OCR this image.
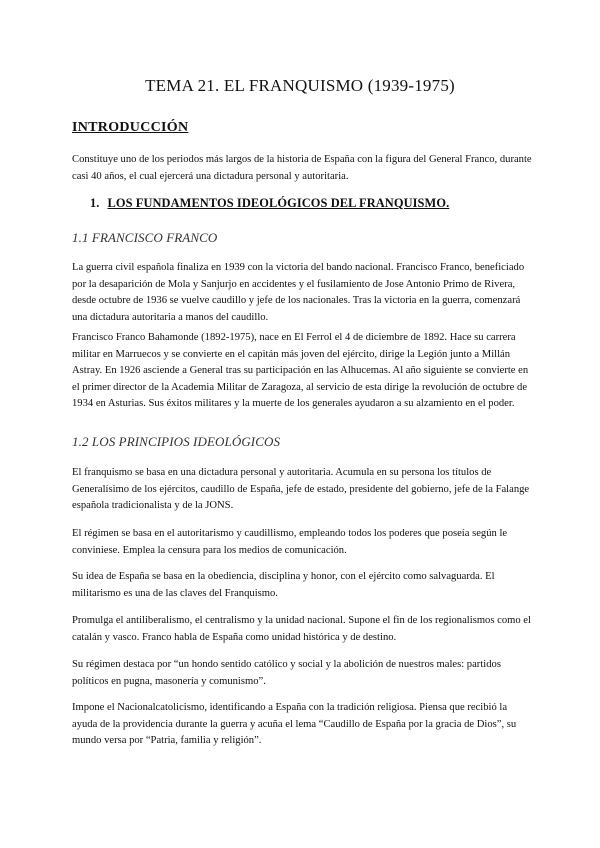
TEMA 21. EL FRANQUISMO (1939-1975)
INTRODUCCIÓN
Constituye uno de los periodos más largos de la historia de España con la figura del General Franco, durante casi 40 años, el cual ejercerá una dictadura personal y autoritaria.
1. LOS FUNDAMENTOS IDEOLÓGICOS DEL FRANQUISMO.
1.1 FRANCISCO FRANCO
La guerra civil española finaliza en 1939 con la victoria del bando nacional. Francisco Franco, beneficiado por la desaparición de Mola y Sanjurjo en accidentes y el fusilamiento de Jose Antonio Primo de Rivera, desde octubre de 1936 se vuelve caudillo y jefe de los nacionales. Tras la victoria en la guerra, comenzará una dictadura autoritaria a manos del caudillo.
Francisco Franco Bahamonde (1892-1975), nace en El Ferrol el 4 de diciembre de 1892. Hace su carrera militar en Marruecos y se convierte en el capitán más joven del ejército, dirige la Legión junto a Millán Astray. En 1926 asciende a General tras su participación en las Alhucemas. Al año siguiente se convierte en el primer director de la Academia Militar de Zaragoza, al servicio de esta dirige la revolución de octubre de 1934 en Asturias. Sus éxitos militares y la muerte de los generales ayudaron a su alzamiento en el poder.
1.2 LOS PRINCIPIOS IDEOLÓGICOS
El franquismo se basa en una dictadura personal y autoritaria. Acumula en su persona los títulos de Generalísimo de los ejércitos, caudillo de España, jefe de estado, presidente del gobierno, jefe de la Falange española tradicionalista y de la JONS.
El régimen se basa en el autoritarismo y caudillismo, empleando todos los poderes que poseía según le conviniese. Emplea la censura para los medios de comunicación.
Su idea de España se basa en la obediencia, disciplina y honor, con el ejército como salvaguarda. El militarismo es una de las claves del Franquismo.
Promulga el antiliberalismo, el centralismo y la unidad nacional. Supone el fin de los regionalismos como el catalán y vasco. Franco habla de España como unidad histórica y de destino.
Su régimen destaca por “un hondo sentido católico y social y la abolición de nuestros males: partidos políticos en pugna, masonería y comunismo”.
Impone el Nacionalcatolicismo, identificando a España con la tradición religiosa. Piensa que recibió la ayuda de la providencia durante la guerra y acuña el lema “Caudillo de España por la gracia de Dios”, su mundo versa por “Patria, familia y religión”.
